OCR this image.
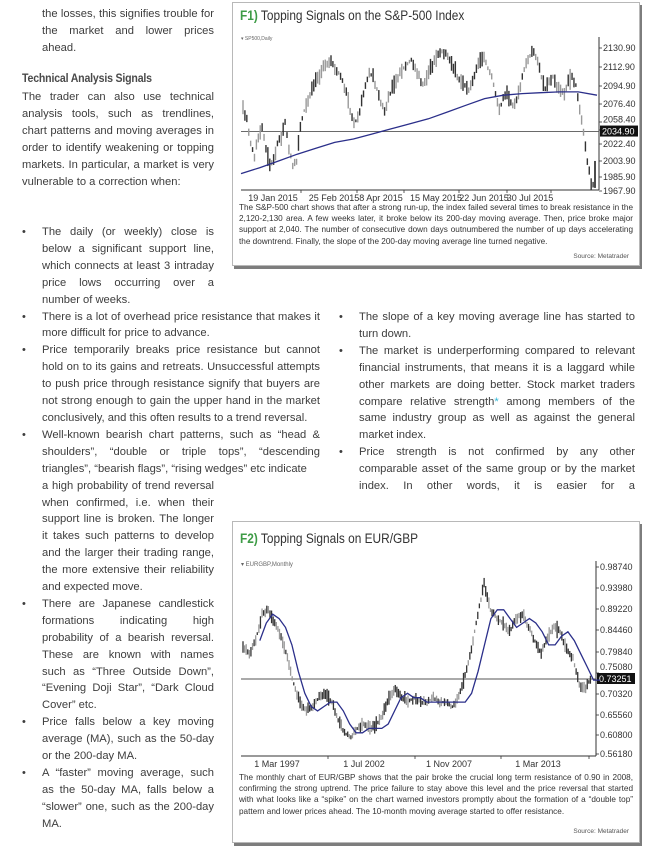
the losses, this signifies trouble for the market and lower prices ahead.

Technical Analysis Signals

The trader can also use technical analysis tools, such as trendlines, chart patterns and moving averages in order to identify weakening or topping markets. In particular, a market is very vulnerable to a correction when:

• The daily (or weekly) close is below a significant support line, which connects at least 3 intraday price lows occurring over a number of weeks.
• There is a lot of overhead price resistance that makes it more difficult for price to advance.
• Price temporarily breaks price resistance but cannot hold on to its gains and retreats. Unsuccessful attempts to push price through resistance signify that buyers are not strong enough to gain the upper hand in the market conclusively, and this often results to a trend reversal.
• Well-known bearish chart patterns, such as “head & shoulders”, “double or triple tops”, “descending triangles”, “bearish flags”, “rising wedges” etc indicate
a high probability of trend reversal when confirmed, i.e. when their support line is broken. The longer it takes such patterns to develop and the larger their trading range, the more extensive their reliability and expected move.
• There are Japanese candlestick formations indicating high probability of a bearish reversal. These are known with names such as “Three Outside Down”, “Evening Doji Star”, “Dark Cloud Cover” etc.
• Price falls below a key moving average (MA), such as the 50-day or the 200-day MA.
• A “faster” moving average, such as the 50-day MA, falls below a “slower” one, such as the 200-day MA.
• The slope of a key moving average line has started to turn down.
• The market is underperforming compared to relevant financial instruments, that means it is a laggard while other markets are doing better. Stock market traders compare relative strength* among members of the same industry group as well as against the general market index.
• Price strength is not confirmed by any other comparable asset of the same group or by the market index. In other words, it is easier for a
F1) Topping Signals on the S&P-500 Index
▾ SP500,Daily
2130.90
2112.90
2094.90
2076.40
2058.40
2022.40
2003.90
1985.90
1967.90
2034.90
19 Jan 2015 25 Feb 2015 8 Apr 2015 15 May 2015
22 Jun 2015
30 Jul 2015
The S&P-500 chart shows that after a strong run-up, the index failed several times to break resistance in the 2,120-2,130 area. A few weeks later, it broke below its 200-day moving average. Then, price broke major support at 2,040. The number of consecutive down days outnumbered the number of up days accelerating the downtrend. Finally, the slope of the 200-day moving average line turned negative.
Source: Metatrader
F2) Topping Signals on EUR/GBP
▾ EURGBP,Monthly	0.98740
0.93980
0.89220
0.84460
0.79840
0.75080
0.70320
0.65560
0.60800
0.56180
0.73251
1 Mar 1997	1 Jul 2002	1 Nov 2007	1 Mar 2013
The monthly chart of EUR/GBP shows that the pair broke the crucial long term resistance of 0.90 in 2008, confirming the strong uptrend. The price failure to stay above this level and the price reversal that started with what looks like a “spike” on the chart warned investors promptly about the formation of a “double top” pattern and lower prices ahead. The 10-month moving average started to offer resistance.
Source: Metatrader
